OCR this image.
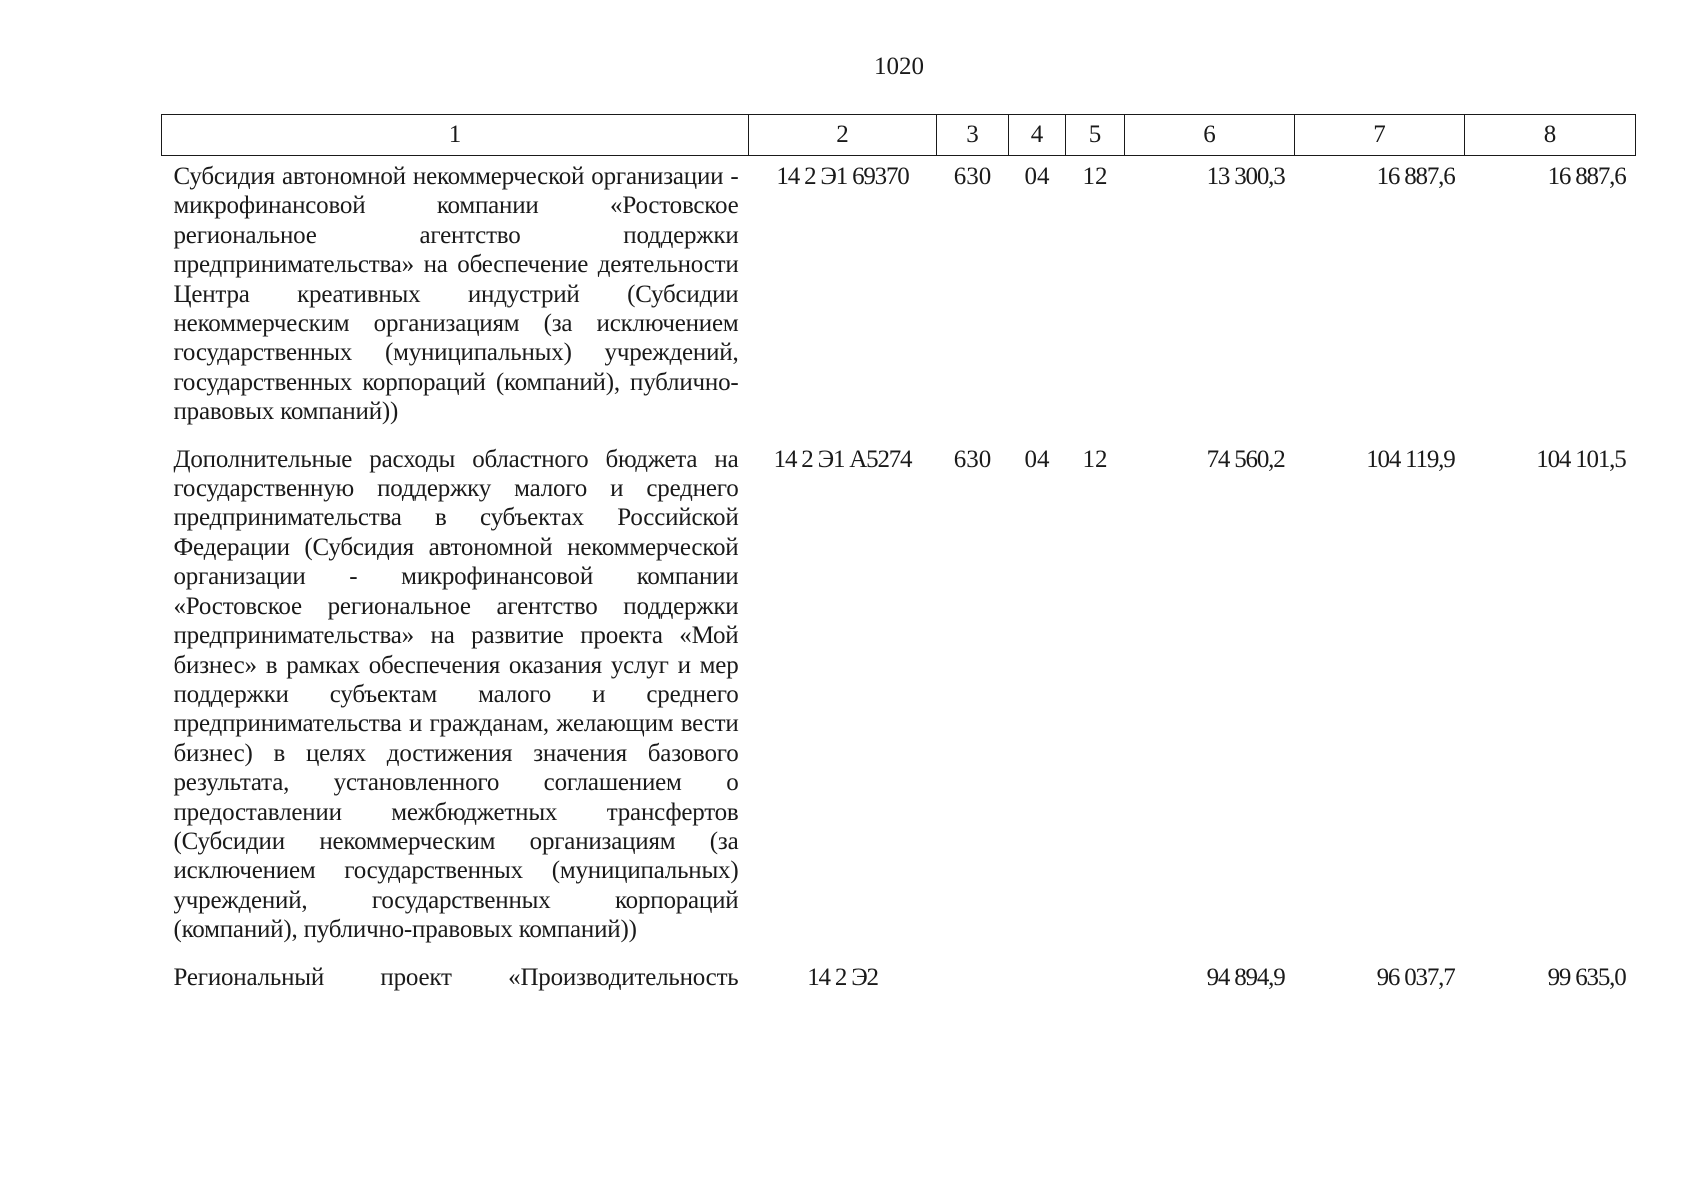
1020
1	2	3	4	5	6	7	8
Субсидия автономной некоммерческой организации - микрофинансовой компании «Ростовское региональное агентство поддержки предпринимательства» на обеспечение деятельности Центра креативных индустрий (Субсидии некоммерческим организациям (за исключением государственных (муниципальных) учреждений, государственных корпораций (компаний), публично-правовых компаний))	14 2 Э1 69370	630	04	12	13 300,3	16 887,6	16 887,6
Дополнительные расходы областного бюджета на государственную поддержку малого и среднего предпринимательства в субъектах Российской Федерации (Субсидия автономной некоммерческой организации - микрофинансовой компании «Ростовское региональное агентство поддержки предпринимательства» на развитие проекта «Мой бизнес» в рамках обеспечения оказания услуг и мер поддержки субъектам малого и среднего предпринимательства и гражданам, желающим вести бизнес) в целях достижения значения базового результата, установленного соглашением о предоставлении межбюджетных трансфертов (Субсидии некоммерческим организациям (за исключением государственных (муниципальных) учреждений, государственных корпораций (компаний), публично-правовых компаний))	14 2 Э1 А5274	630	04	12	74 560,2	104 119,9	104 101,5
Региональный проект «Производительность	14 2 Э2				94 894,9	96 037,7	99 635,0
